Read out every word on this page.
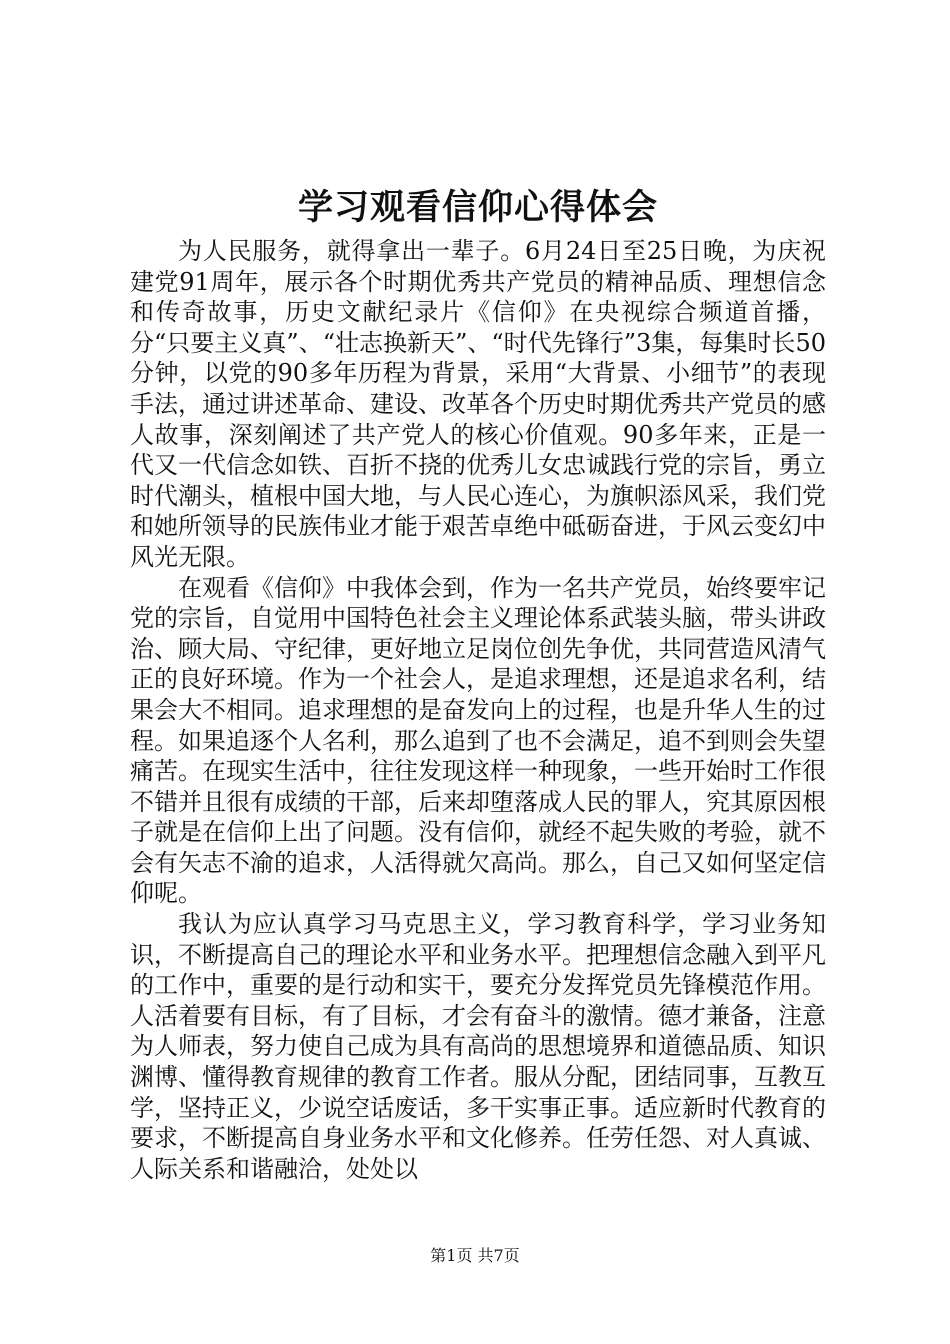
学习观看信仰心得体会

为人民服务，就得拿出一辈子。6月24日至25日晚，为庆祝建党91周年，展示各个时期优秀共产党员的精神品质、理想信念和传奇故事，历史文献纪录片《信仰》在央视综合频道首播，分“只要主义真”、“壮志换新天”、“时代先锋行”3集，每集时长50分钟，以党的90多年历程为背景，采用“大背景、小细节”的表现手法，通过讲述革命、建设、改革各个历史时期优秀共产党员的感人故事，深刻阐述了共产党人的核心价值观。90多年来，正是一代又一代信念如铁、百折不挠的优秀儿女忠诚践行党的宗旨，勇立时代潮头，植根中国大地，与人民心连心，为旗帜添风采，我们党和她所领导的民族伟业才能于艰苦卓绝中砥砺奋进，于风云变幻中风光无限。

在观看《信仰》中我体会到，作为一名共产党员，始终要牢记党的宗旨，自觉用中国特色社会主义理论体系武装头脑，带头讲政治、顾大局、守纪律，更好地立足岗位创先争优，共同营造风清气正的良好环境。作为一个社会人，是追求理想，还是追求名利，结果会大不相同。追求理想的是奋发向上的过程，也是升华人生的过程。如果追逐个人名利，那么追到了也不会满足，追不到则会失望痛苦。在现实生活中，往往发现这样一种现象，一些开始时工作很不错并且很有成绩的干部，后来却堕落成人民的罪人，究其原因根子就是在信仰上出了问题。没有信仰，就经不起失败的考验，就不会有矢志不渝的追求，人活得就欠高尚。那么，自己又如何坚定信仰呢。

我认为应认真学习马克思主义，学习教育科学，学习业务知识，不断提高自己的理论水平和业务水平。把理想信念融入到平凡的工作中，重要的是行动和实干，要充分发挥党员先锋模范作用。人活着要有目标，有了目标，才会有奋斗的激情。德才兼备，注意为人师表，努力使自己成为具有高尚的思想境界和道德品质、知识渊博、懂得教育规律的教育工作者。服从分配，团结同事，互教互学，坚持正义，少说空话废话，多干实事正事。适应新时代教育的要求，不断提高自身业务水平和文化修养。任劳任怨、对人真诚、人际关系和谐融洽，处处以

第1页 共7页
